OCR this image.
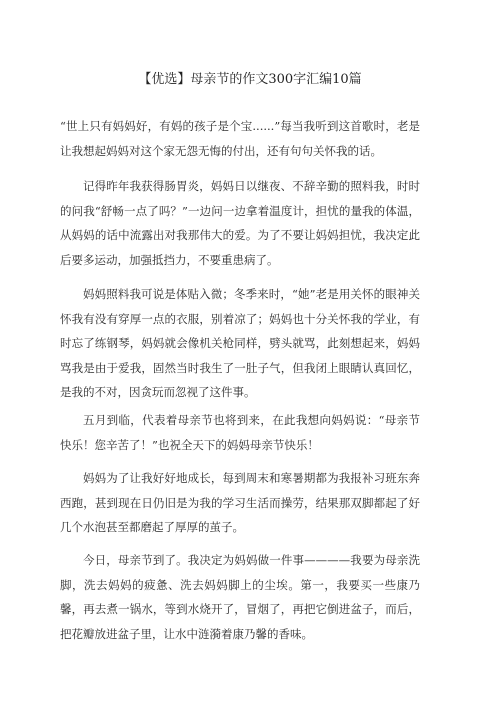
【优选】母亲节的作文300字汇编10篇

“世上只有妈妈好，有妈的孩子是个宝......”每当我听到这首歌时，老是让我想起妈妈对这个家无怨无悔的付出，还有句句关怀我的话。

记得昨年我获得肠胃炎，妈妈日以继夜、不辞辛勤的照料我，时时的问我“舒畅一点了吗？”一边问一边拿着温度计，担忧的量我的体温，从妈妈的话中流露出对我那伟大的爱。为了不要让妈妈担忧，我决定此后要多运动，加强抵挡力，不要重患病了。

妈妈照料我可说是体贴入微；冬季来时，“她”老是用关怀的眼神关怀我有没有穿厚一点的衣服，别着凉了；妈妈也十分关怀我的学业，有时忘了练钢琴，妈妈就会像机关枪同样，劈头就骂，此刻想起来，妈妈骂我是由于爱我，固然当时我生了一肚子气，但我闭上眼睛认真回忆，是我的不对，因贪玩而忽视了这件事。

五月到临，代表着母亲节也将到来，在此我想向妈妈说：“母亲节快乐！您辛苦了！”也祝全天下的妈妈母亲节快乐！

妈妈为了让我好好地成长，每到周末和寒暑期都为我报补习班东奔西跑，甚到现在日仍旧是为我的学习生活而操劳，结果那双脚都起了好几个水泡甚至都磨起了厚厚的茧子。

今日，母亲节到了。我决定为妈妈做一件事————我要为母亲洗脚，洗去妈妈的疲惫、洗去妈妈脚上的尘埃。第一，我要买一些康乃馨，再去煮一锅水，等到水烧开了，冒烟了，再把它倒进盆子，而后，把花瓣放进盆子里，让水中涟漪着康乃馨的香味。
